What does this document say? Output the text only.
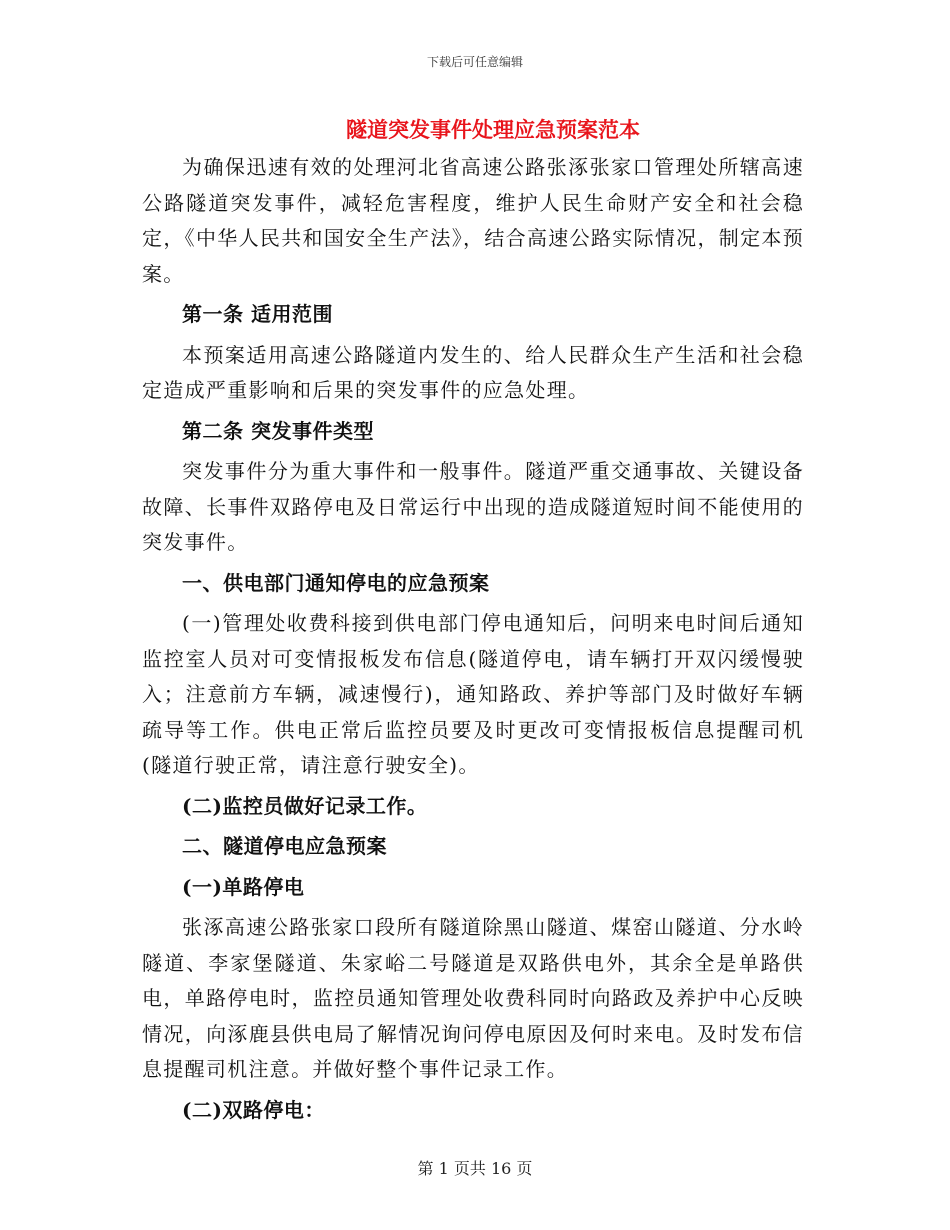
下载后可任意编辑
隧道突发事件处理应急预案范本

为确保迅速有效的处理河北省高速公路张涿张家口管理处所辖高速公路隧道突发事件，减轻危害程度，维护人民生命财产安全和社会稳定，《中华人民共和国安全生产法》，结合高速公路实际情况，制定本预案。

第一条 适用范围

本预案适用高速公路隧道内发生的、给人民群众生产生活和社会稳定造成严重影响和后果的突发事件的应急处理。

第二条 突发事件类型

突发事件分为重大事件和一般事件。隧道严重交通事故、关键设备故障、长事件双路停电及日常运行中出现的造成隧道短时间不能使用的突发事件。

一、供电部门通知停电的应急预案

(一)管理处收费科接到供电部门停电通知后，问明来电时间后通知监控室人员对可变情报板发布信息(隧道停电，请车辆打开双闪缓慢驶入；注意前方车辆，减速慢行)，通知路政、养护等部门及时做好车辆疏导等工作。供电正常后监控员要及时更改可变情报板信息提醒司机(隧道行驶正常，请注意行驶安全)。

(二)监控员做好记录工作。

二、隧道停电应急预案

(一)单路停电

张涿高速公路张家口段所有隧道除黑山隧道、煤窑山隧道、分水岭隧道、李家堡隧道、朱家峪二号隧道是双路供电外，其余全是单路供电，单路停电时，监控员通知管理处收费科同时向路政及养护中心反映情况，向涿鹿县供电局了解情况询问停电原因及何时来电。及时发布信息提醒司机注意。并做好整个事件记录工作。

(二)双路停电：

第 1 页共 16 页
